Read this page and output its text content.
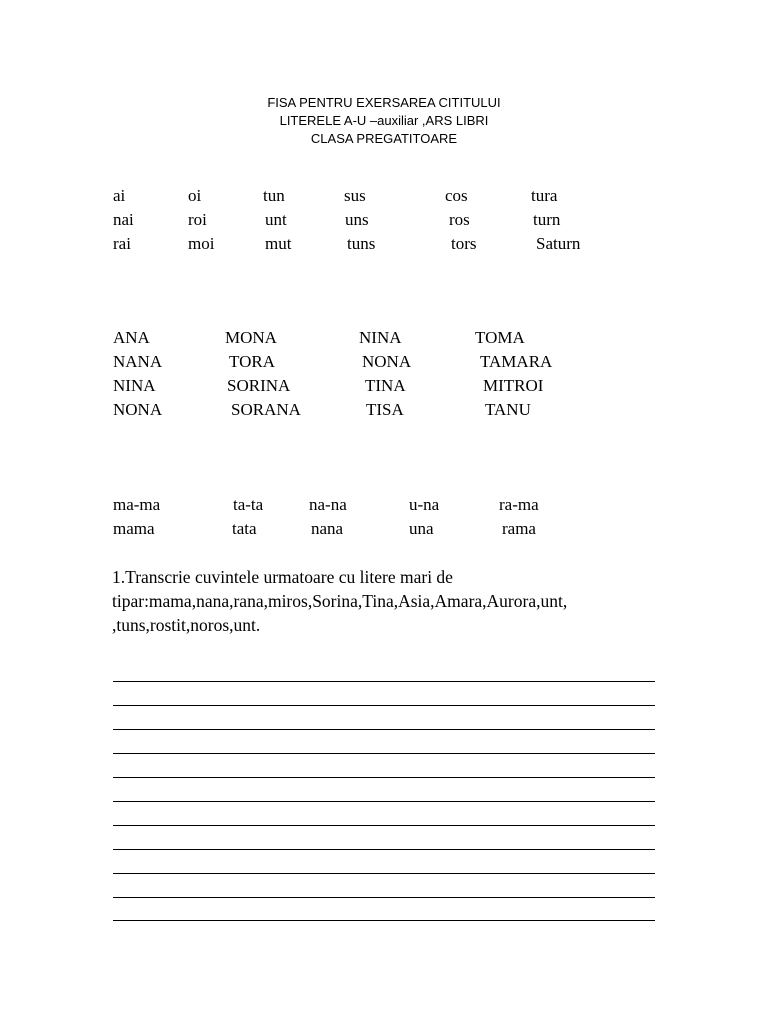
FISA PENTRU EXERSAREA CITITULUI
LITERELE A-U –auxiliar ,ARS LIBRI
CLASA PREGATITOARE
ai	oi	tun	sus	cos	tura
nai	roi	unt	uns	ros	turn
rai	moi	mut	tuns	tors	Saturn
ANA	MONA	NINA	TOMA
NANA	TORA	NONA	TAMARA
NINA	SORINA	TINA	MITROI
NONA	SORANA	TISA	TANU
ma-ma	ta-ta	na-na	u-na	ra-ma
mama	tata	nana	una	rama
1.Transcrie cuvintele urmatoare cu litere mari de
tipar:mama,nana,rana,miros,Sorina,Tina,Asia,Amara,Aurora,unt,
,tuns,rostit,noros,unt.
